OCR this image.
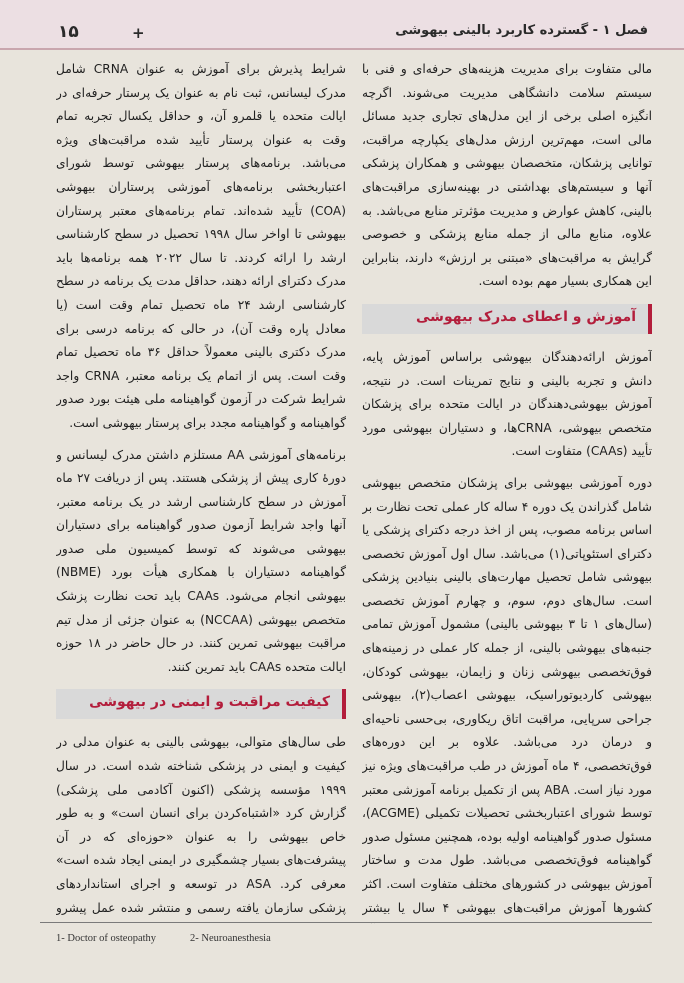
۱۵	+	فصل ۱ - گسترده کاربرد بالینی بیهوشی

مالی متفاوت برای مدیریت هزینه‌های حرفه‌ای و فنی با سیستم سلامت دانشگاهی مدیریت می‌شوند. اگرچه انگیزه اصلی برخی از این مدل‌های تجاری جدید مسائل مالی است، مهم‌ترین ارزش مدل‌های یکپارچه مراقبت، توانایی پزشکان، متخصصان بیهوشی و همکاران پزشکی آنها و سیستم‌های بهداشتی در بهینه‌سازی مراقبت‌های بالینی، کاهش عوارض و مدیریت مؤثرتر منابع می‌باشد. به علاوه، منابع مالی از جمله منابع پزشکی و خصوصی گرایش به مراقبت‌های «مبتنی بر ارزش» دارند، بنابراین این همکاری بسیار مهم بوده است.

آموزش و اعطای مدرک بیهوشی

آموزش ارائه‌دهندگان بیهوشی براساس آموزش پایه، دانش و تجربه بالینی و نتایج تمرینات است. در نتیجه، آموزش بیهوشی‌دهندگان در ایالت متحده برای پزشکان متخصص بیهوشی، CRNAها، و دستیاران بیهوشی مورد تأیید (CAAs) متفاوت است.

دوره آموزشی بیهوشی برای پزشکان متخصص بیهوشی شامل گذراندن یک دوره ۴ ساله کار عملی تحت نظارت بر اساس برنامه مصوب، پس از اخذ درجه دکترای پزشکی یا دکترای استئوپاتی(۱) می‌باشد. سال اول آموزش تخصصی بیهوشی شامل تحصیل مهارت‌های بالینی بنیادین پزشکی است. سال‌های دوم، سوم، و چهارم آموزش تخصصی (سال‌های ۱ تا ۳ بیهوشی بالینی) مشمول آموزش تمامی جنبه‌های بیهوشی بالینی، از جمله کار عملی در زمینه‌های فوق‌تخصصی بیهوشی زنان و زایمان، بیهوشی کودکان، بیهوشی کاردیوتوراسیک، بیهوشی اعصاب(۲)، بیهوشی جراحی سرپایی، مراقبت اتاق ریکاوری، بی‌حسی ناحیه‌ای و درمان درد می‌باشد. علاوه بر این دوره‌های فوق‌تخصصی، ۴ ماه آموزش در طب مراقبت‌های ویژه نیز مورد نیاز است. ABA پس از تکمیل برنامه آموزشی معتبر توسط شورای اعتباربخشی تحصیلات تکمیلی (ACGME)، مسئول صدور گواهینامه اولیه بوده، همچنین مسئول صدور گواهینامه فوق‌تخصصی می‌باشد. طول مدت و ساختار آموزش بیهوشی در کشورهای مختلف متفاوت است. اکثر کشورها آموزش مراقبت‌های بیهوشی ۴ سال یا بیشتر

شرایط پذیرش برای آموزش به عنوان CRNA شامل مدرک لیسانس، ثبت نام به عنوان یک پرستار حرفه‌ای در ایالت متحده یا قلمرو آن، و حداقل یکسال تجربه تمام وقت به عنوان پرستار تأیید شده مراقبت‌های ویژه می‌باشد. برنامه‌های پرستار بیهوشی توسط شورای اعتباربخشی برنامه‌های آموزشی پرستاران بیهوشی (COA) تأیید شده‌اند. تمام برنامه‌های معتبر پرستاران بیهوشی تا اواخر سال ۱۹۹۸ تحصیل در سطح کارشناسی ارشد را ارائه کردند. تا سال ۲۰۲۲ همه برنامه‌ها باید مدرک دکترای ارائه دهند، حداقل مدت یک برنامه در سطح کارشناسی ارشد ۲۴ ماه تحصیل تمام وقت است (یا معادل پاره وقت آن)، در حالی که برنامه درسی برای مدرک دکتری بالینی معمولاً حداقل ۳۶ ماه تحصیل تمام وقت است. پس از اتمام یک برنامه معتبر، CRNA واجد شرایط شرکت در آزمون گواهینامه ملی هیئت بورد صدور گواهینامه و گواهینامه مجدد برای پرستار بیهوشی است.

برنامه‌های آموزشی AA مستلزم داشتن مدرک لیسانس و دورهٔ کاری پیش از پزشکی هستند. پس از دریافت ۲۷ ماه آموزش در سطح کارشناسی ارشد در یک برنامه معتبر، آنها واجد شرایط آزمون صدور گواهینامه برای دستیاران بیهوشی می‌شوند که توسط کمیسیون ملی صدور گواهینامه دستیاران با همکاری هیأت بورد (NBME) بیهوشی انجام می‌شود. CAAs باید تحت نظارت پزشک متخصص بیهوشی (NCCAA) به عنوان جزئی از مدل تیم مراقبت بیهوشی تمرین کنند. در حال حاضر در ۱۸ حوزه ایالت متحده CAAs باید تمرین کنند.

کیفیت مراقبت و ایمنی در بیهوشی

طی سال‌های متوالی، بیهوشی بالینی به عنوان مدلی در کیفیت و ایمنی در پزشکی شناخته شده است. در سال ۱۹۹۹ مؤسسه پزشکی (اکنون آکادمی ملی پزشکی) گزارش کرد «اشتباه‌کردن برای انسان است» و به طور خاص بیهوشی را به عنوان «حوزه‌ای که در آن پیشرفت‌های بسیار چشمگیری در ایمنی ایجاد شده است» معرفی کرد. ASA در توسعه و اجرای استانداردهای پزشکی سازمان یافته رسمی و منتشر شده عمل پیشرو

1- Doctor of osteopathy	2- Neuroanesthesia
